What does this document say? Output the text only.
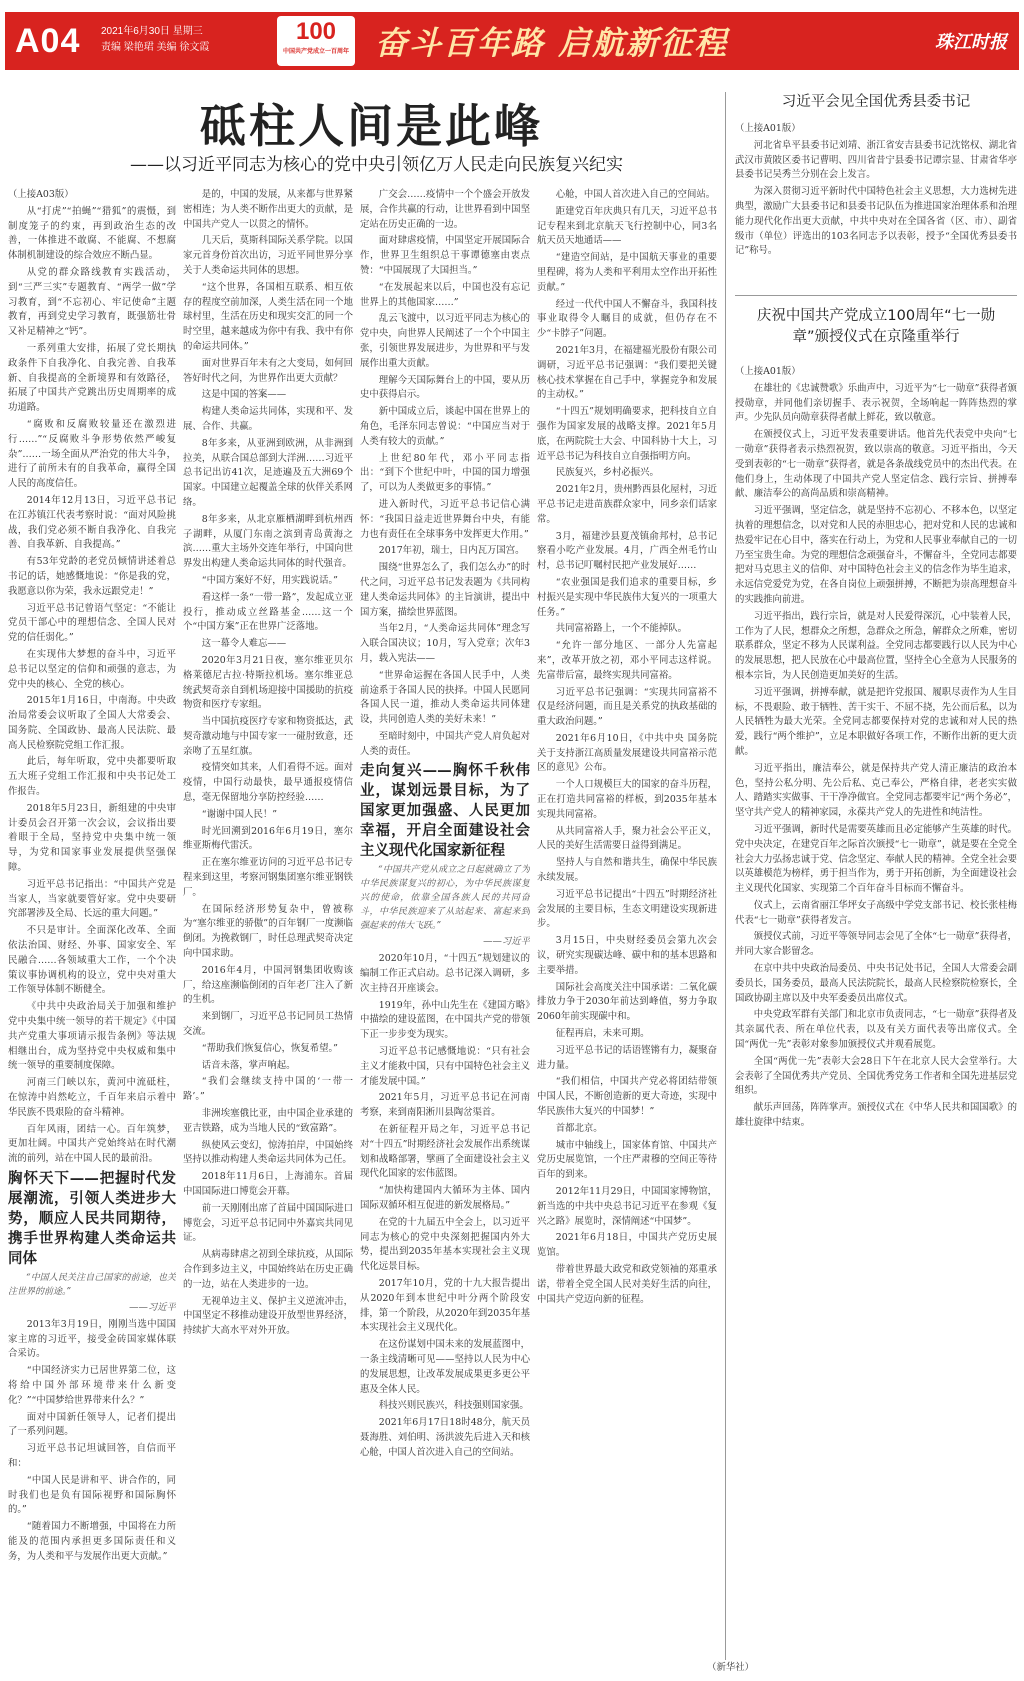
A04 2021年6月30日 星期三
责编 梁艳珺 美编 徐文霞
100
中国共产党成立一百周年 奋斗百年路 启航新征程	珠江时报
砥柱人间是此峰
——以习近平同志为核心的党中央引领亿万人民走向民族复兴纪实

（上接A03版）

从“打虎”“拍蝇”“猎狐”的震慑，到制度笼子的约束，再到政治生态的改善，一体推进不敢腐、不能腐、不想腐体制机制建设的综合效应不断凸显。

从党的群众路线教育实践活动，到“三严三实”专题教育、“两学一做”学习教育，到“不忘初心、牢记使命”主题教育，再到党史学习教育，既强筋壮骨又补足精神之“钙”。

一系列重大安排，拓展了党长期执政条件下自我净化、自我完善、自我革新、自我提高的全新境界和有效路径，拓展了中国共产党跳出历史周期率的成功道路。

“腐败和反腐败较量还在激烈进行……”“反腐败斗争形势依然严峻复杂”……一场全面从严治党的伟大斗争，进行了前所未有的自我革命，赢得全国人民的高度信任。

2014年12月13日，习近平总书记在江苏镇江代表考察时说：“面对风险挑战，我们党必须不断自我净化、自我完善、自我革新、自我提高。”

有53年党龄的老党员倾情讲述着总书记的话，她感慨地说：“你是我的党，我愿意以你为荣，我永远跟党走！”

习近平总书记曾语气坚定：“不能让党员干部心中的理想信念、全国人民对党的信任弱化。”

在实现伟大梦想的奋斗中，习近平总书记以坚定的信仰和顽强的意志，为党中央的核心、全党的核心。

2015年1月16日，中南海。中央政治局常委会议听取了全国人大常委会、国务院、全国政协、最高人民法院、最高人民检察院党组工作汇报。

此后，每年听取，党中央都要听取五大班子党组工作汇报和中央书记处工作报告。

2018年5月23日，新组建的中央审计委员会召开第一次会议，会议指出要着眼于全局，坚持党中央集中统一领导，为党和国家事业发展提供坚强保障。

习近平总书记指出：“中国共产党是当家人，当家就要管好家。党中央要研究部署涉及全局、长远的重大问题。”

不只是审计。全面深化改革、全面依法治国、财经、外事、国家安全、军民融合……各领域重大工作，一个个决策议事协调机构的设立，党中央对重大工作领导体制不断健全。

《中共中央政治局关于加强和维护党中央集中统一领导的若干规定》《中国共产党重大事项请示报告条例》等法规相继出台，成为坚持党中央权威和集中统一领导的重要制度保障。

河南三门峡以东，黄河中流砥柱，在惊涛中岿然屹立，千百年来启示着中华民族不畏艰险的奋斗精神。

百年风雨，团结一心。百年筑梦，更加壮阔。中国共产党始终站在时代潮流的前列，站在中国人民的最前沿。

胸怀天下——把握时代发展潮流，引领人类进步大势，顺应人民共同期待，携手世界构建人类命运共同体

“中国人民关注自己国家的前途，也关注世界的前途。”

——习近平

2013年3月19日，刚刚当选中国国家主席的习近平，接受金砖国家媒体联合采访。

“中国经济实力已居世界第二位，这将给中国外部环境带来什么新变化？”“中国梦给世界带来什么？”

面对中国新任领导人，记者们提出了一系列问题。

习近平总书记坦诚回答，自信而平和：

“中国人民是讲和平、讲合作的，同时我们也是负有国际视野和国际胸怀的。”

“随着国力不断增强，中国将在力所能及的范围内承担更多国际责任和义务，为人类和平与发展作出更大贡献。”

是的，中国的发展，从来都与世界紧密相连；为人类不断作出更大的贡献，是中国共产党人一以贯之的情怀。

几天后，莫斯科国际关系学院。以国家元首身份首次出访，习近平同世界分享关于人类命运共同体的思想。

“这个世界，各国相互联系、相互依存的程度空前加深，人类生活在同一个地球村里，生活在历史和现实交汇的同一个时空里，越来越成为你中有我、我中有你的命运共同体。”

面对世界百年未有之大变局，如何回答好时代之问，为世界作出更大贡献？

这是中国的答案——

构建人类命运共同体，实现和平、发展、合作、共赢。

8年多来，从亚洲到欧洲，从非洲到拉美，从联合国总部到大洋洲……习近平总书记出访41次，足迹遍及五大洲69个国家。中国建立起覆盖全球的伙伴关系网络。

8年多来，从北京雁栖湖畔到杭州西子湖畔，从厦门东南之滨到青岛黄海之滨……重大主场外交连年举行，中国向世界发出构建人类命运共同体的时代强音。

“中国方案好不好，用实践说话。”

看这样一条“一带一路”，发起成立亚投行，推动成立丝路基金……这一个个“中国方案”正在世界广泛落地。

这一幕令人难忘——

2020年3月21日夜，塞尔维亚贝尔格莱德尼古拉·特斯拉机场。塞尔维亚总统武契奇亲自到机场迎接中国援助的抗疫物资和医疗专家组。

当中国抗疫医疗专家和物资抵达，武契奇激动地与中国专家一一碰肘致意，还亲吻了五星红旗。

疫情突如其来，人们看得不远。面对疫情，中国行动最快，最早通报疫情信息，毫无保留地分享防控经验……

“谢谢中国人民！”

时光回溯到2016年6月19日，塞尔维亚斯梅代雷沃。

正在塞尔维亚访问的习近平总书记专程来到这里，考察河钢集团塞尔维亚钢铁厂。

在国际经济形势复杂中，曾被称为“塞尔维亚的骄傲”的百年钢厂一度濒临倒闭。为挽救钢厂，时任总理武契奇决定向中国求助。

2016年4月，中国河钢集团收购该厂，给这座濒临倒闭的百年老厂注入了新的生机。

来到钢厂，习近平总书记同员工热情交流。

“帮助我们恢复信心，恢复希望。”

话音未落，掌声响起。

“我们会继续支持中国的‘一带一路’。”

非洲埃塞俄比亚，由中国企业承建的亚吉铁路，成为当地人民的“致富路”。

纵使风云变幻，惊涛拍岸，中国始终坚持以推动构建人类命运共同体为己任。

2018年11月6日，上海浦东。首届中国国际进口博览会开幕。

前一天刚刚出席了首届中国国际进口博览会，习近平总书记同中外嘉宾共同见证。

从病毒肆虐之初到全球抗疫，从国际合作到多边主义，中国始终站在历史正确的一边，站在人类进步的一边。

无视单边主义、保护主义逆流冲击，中国坚定不移推动建设开放型世界经济，持续扩大高水平对外开放。

广交会……疫情中一个个盛会开放发展，合作共赢的行动，让世界看到中国坚定站在历史正确的一边。

面对肆虐疫情，中国坚定开展国际合作，世界卫生组织总干事谭德塞由衷点赞：“中国展现了大国担当。”

“在发展起来以后，中国也没有忘记世界上的其他国家……”

乱云飞渡中，以习近平同志为核心的党中央，向世界人民阐述了一个个中国主张，引领世界发展进步，为世界和平与发展作出重大贡献。

理解今天国际舞台上的中国，要从历史中获得启示。

新中国成立后，谈起中国在世界上的角色，毛泽东同志曾说：“中国应当对于人类有较大的贡献。”

上世纪80年代，邓小平同志指出：“到下个世纪中叶，中国的国力增强了，可以为人类做更多的事情。”

进入新时代，习近平总书记信心满怀：“我国日益走近世界舞台中央，有能力也有责任在全球事务中发挥更大作用。”

2017年初，瑞士，日内瓦万国宫。

围绕“世界怎么了，我们怎么办”的时代之问，习近平总书记发表题为《共同构建人类命运共同体》的主旨演讲，提出中国方案，描绘世界蓝图。

当年2月，“人类命运共同体”理念写入联合国决议；10月，写入党章；次年3月，载入宪法——

“世界命运握在各国人民手中，人类前途系于各国人民的抉择。中国人民愿同各国人民一道，推动人类命运共同体建设，共同创造人类的美好未来！”

至暗时刻中，中国共产党人肩负起对人类的责任。

走向复兴——胸怀千秋伟业，谋划远景目标，为了国家更加强盛、人民更加幸福，开启全面建设社会主义现代化国家新征程

“中国共产党从成立之日起就确立了为中华民族谋复兴的初心，为中华民族谋复兴的使命，依靠全国各族人民的共同奋斗，中华民族迎来了从站起来、富起来到强起来的伟大飞跃。”

——习近平

2020年10月，“十四五”规划建议的编制工作正式启动。总书记深入调研，多次主持召开座谈会。

1919年，孙中山先生在《建国方略》中描绘的建设蓝图，在中国共产党的带领下正一步步变为现实。

习近平总书记感慨地说：“只有社会主义才能救中国，只有中国特色社会主义才能发展中国。”

2021年5月，习近平总书记在河南考察，来到南阳淅川县陶岔渠首。

在新征程开局之年，习近平总书记对“十四五”时期经济社会发展作出系统谋划和战略部署，擘画了全面建设社会主义现代化国家的宏伟蓝图。

“加快构建国内大循环为主体、国内国际双循环相互促进的新发展格局。”

在党的十九届五中全会上，以习近平同志为核心的党中央深刻把握国内外大势，提出到2035年基本实现社会主义现代化远景目标。

2017年10月，党的十九大报告提出从2020年到本世纪中叶分两个阶段安排，第一个阶段，从2020年到2035年基本实现社会主义现代化。

在这份谋划中国未来的发展蓝图中，一条主线清晰可见——坚持以人民为中心的发展思想，让改革发展成果更多更公平惠及全体人民。

科技兴则民族兴，科技强则国家强。

2021年6月17日18时48分，航天员聂海胜、刘伯明、汤洪波先后进入天和核心舱，中国人首次进入自己的空间站。

心舱，中国人首次进入自己的空间站。

距建党百年庆典只有几天，习近平总书记专程来到北京航天飞行控制中心，同3名航天员天地通话——

“建造空间站，是中国航天事业的重要里程碑，将为人类和平利用太空作出开拓性贡献。”

经过一代代中国人不懈奋斗，我国科技事业取得令人瞩目的成就，但仍存在不少“卡脖子”问题。

2021年3月，在福建福光股份有限公司调研，习近平总书记强调：“我们要把关键核心技术掌握在自己手中，掌握竞争和发展的主动权。”

“十四五”规划明确要求，把科技自立自强作为国家发展的战略支撑。2021年5月底，在两院院士大会、中国科协十大上，习近平总书记为科技自立自强指明方向。

民族复兴，乡村必振兴。

2021年2月，贵州黔西县化屋村，习近平总书记走进苗族群众家中，同乡亲们话家常。

3月，福建沙县夏茂镇俞邦村，总书记察看小吃产业发展。4月，广西全州毛竹山村，总书记叮嘱村民把产业发展好……

“农业强国是我们追求的重要目标，乡村振兴是实现中华民族伟大复兴的一项重大任务。”

共同富裕路上，一个不能掉队。

“允许一部分地区、一部分人先富起来”，改革开放之初，邓小平同志这样说。先富带后富，最终实现共同富裕。

习近平总书记强调：“实现共同富裕不仅是经济问题，而且是关系党的执政基础的重大政治问题。”

2021年6月10日，《中共中央 国务院关于支持浙江高质量发展建设共同富裕示范区的意见》公布。

一个人口规模巨大的国家的奋斗历程，正在打造共同富裕的样板，到2035年基本实现共同富裕。

从共同富裕人手，聚力社会公平正义，人民的美好生活需要日益得到满足。

坚持人与自然和谐共生，确保中华民族永续发展。

习近平总书记提出“十四五”时期经济社会发展的主要目标，生态文明建设实现新进步。

3月15日，中央财经委员会第九次会议，研究实现碳达峰、碳中和的基本思路和主要举措。

国际社会高度关注中国承诺：二氧化碳排放力争于2030年前达到峰值，努力争取2060年前实现碳中和。

征程再启，未来可期。

习近平总书记的话语铿锵有力，凝聚奋进力量。

“我们相信，中国共产党必将团结带领中国人民，不断创造新的更大奇迹，实现中华民族伟大复兴的中国梦！”

首都北京。

城市中轴线上，国家体育馆、中国共产党历史展览馆，一个庄严肃穆的空间正等待百年的到来。

2012年11月29日，中国国家博物馆，新当选的中共中央总书记习近平在参观《复兴之路》展览时，深情阐述“中国梦”。

2021年6月18日，中国共产党历史展览馆。

带着世界最大政党和政党领袖的郑重承诺，带着全党全国人民对美好生活的向往，中国共产党迈向新的征程。

（新华社）
习近平会见全国优秀县委书记

（上接A01版）

河北省阜平县委书记刘靖、浙江省安吉县委书记沈铭权、湖北省武汉市黄陂区委书记曹明、四川省昔宁县委书记谭宗显、甘肃省华亭县委书记吴秀兰分别在会上发言。

为深入贯彻习近平新时代中国特色社会主义思想，大力选树先进典型，激励广大县委书记和县委书记队伍为推进国家治理体系和治理能力现代化作出更大贡献，中共中央对在全国各省（区、市）、副省级市（单位）评选出的103名同志予以表彰，授予“全国优秀县委书记”称号。

庆祝中国共产党成立100周年“七一勋章”颁授仪式在京隆重举行

（上接A01版）

在雄壮的《忠诚赞歌》乐曲声中，习近平为“七一勋章”获得者颁授勋章，并同他们亲切握手、表示祝贺，全场响起一阵阵热烈的掌声。少先队员向勋章获得者献上鲜花，致以敬意。

在颁授仪式上，习近平发表重要讲话。他首先代表党中央向“七一勋章”获得者表示热烈祝贺，致以崇高的敬意。习近平指出，今天受到表彰的“七一勋章”获得者，就是各条战线党员中的杰出代表。在他们身上，生动体现了中国共产党人坚定信念、践行宗旨、拼搏奉献、廉洁奉公的高尚品质和崇高精神。

习近平强调，坚定信念，就是坚持不忘初心、不移本色，以坚定执着的理想信念，以对党和人民的赤胆忠心，把对党和人民的忠诚和热爱牢记在心目中，落实在行动上，为党和人民事业奉献自己的一切乃至宝贵生命。为党的理想信念顽强奋斗，不懈奋斗，全党同志都要把对马克思主义的信仰、对中国特色社会主义的信念作为毕生追求，永远信党爱党为党，在各自岗位上顽强拼搏，不断把为崇高理想奋斗的实践推向前进。

习近平指出，践行宗旨，就是对人民爱得深沉，心中装着人民，工作为了人民，想群众之所想，急群众之所急，解群众之所难，密切联系群众，坚定不移为人民谋利益。全党同志都要践行以人民为中心的发展思想，把人民放在心中最高位置，坚持全心全意为人民服务的根本宗旨，为人民创造更加美好的生活。

习近平强调，拼搏奉献，就是把许党报国、履职尽责作为人生目标，不畏艰险、敢于牺牲、苦干实干、不屈不挠，先公而后私，以为人民牺牲为最大光荣。全党同志都要保持对党的忠诚和对人民的热爱，践行“两个维护”，立足本职做好各项工作，不断作出新的更大贡献。

习近平指出，廉洁奉公，就是保持共产党人清正廉洁的政治本色，坚持公私分明、先公后私、克己奉公，严格自律，老老实实做人、踏踏实实做事、干干净净做官。全党同志都要牢记“两个务必”，坚守共产党人的精神家园，永葆共产党人的先进性和纯洁性。

习近平强调，新时代是需要英雄而且必定能够产生英雄的时代。党中央决定，在建党百年之际首次颁授“七一勋章”，就是要在全党全社会大力弘扬忠诚于党、信念坚定、奉献人民的精神。全党全社会要以英雄模范为榜样，勇于担当作为，勇于开拓创新，为全面建设社会主义现代化国家、实现第二个百年奋斗目标而不懈奋斗。

仪式上，云南省丽江华坪女子高级中学党支部书记、校长张桂梅代表“七一勋章”获得者发言。

颁授仪式前，习近平等领导同志会见了全体“七一勋章”获得者，并同大家合影留念。

在京中共中央政治局委员、中央书记处书记，全国人大常委会副委员长，国务委员，最高人民法院院长，最高人民检察院检察长，全国政协副主席以及中央军委委员出席仪式。

中央党政军群有关部门和北京市负责同志，“七一勋章”获得者及其亲属代表、所在单位代表，以及有关方面代表等出席仪式。全国“两优一先”表彰对象参加颁授仪式并观看展览。

全国“两优一先”表彰大会28日下午在北京人民大会堂举行。大会表彰了全国优秀共产党员、全国优秀党务工作者和全国先进基层党组织。

献乐声回荡，阵阵掌声。颁授仪式在《中华人民共和国国歌》的雄壮旋律中结束。
